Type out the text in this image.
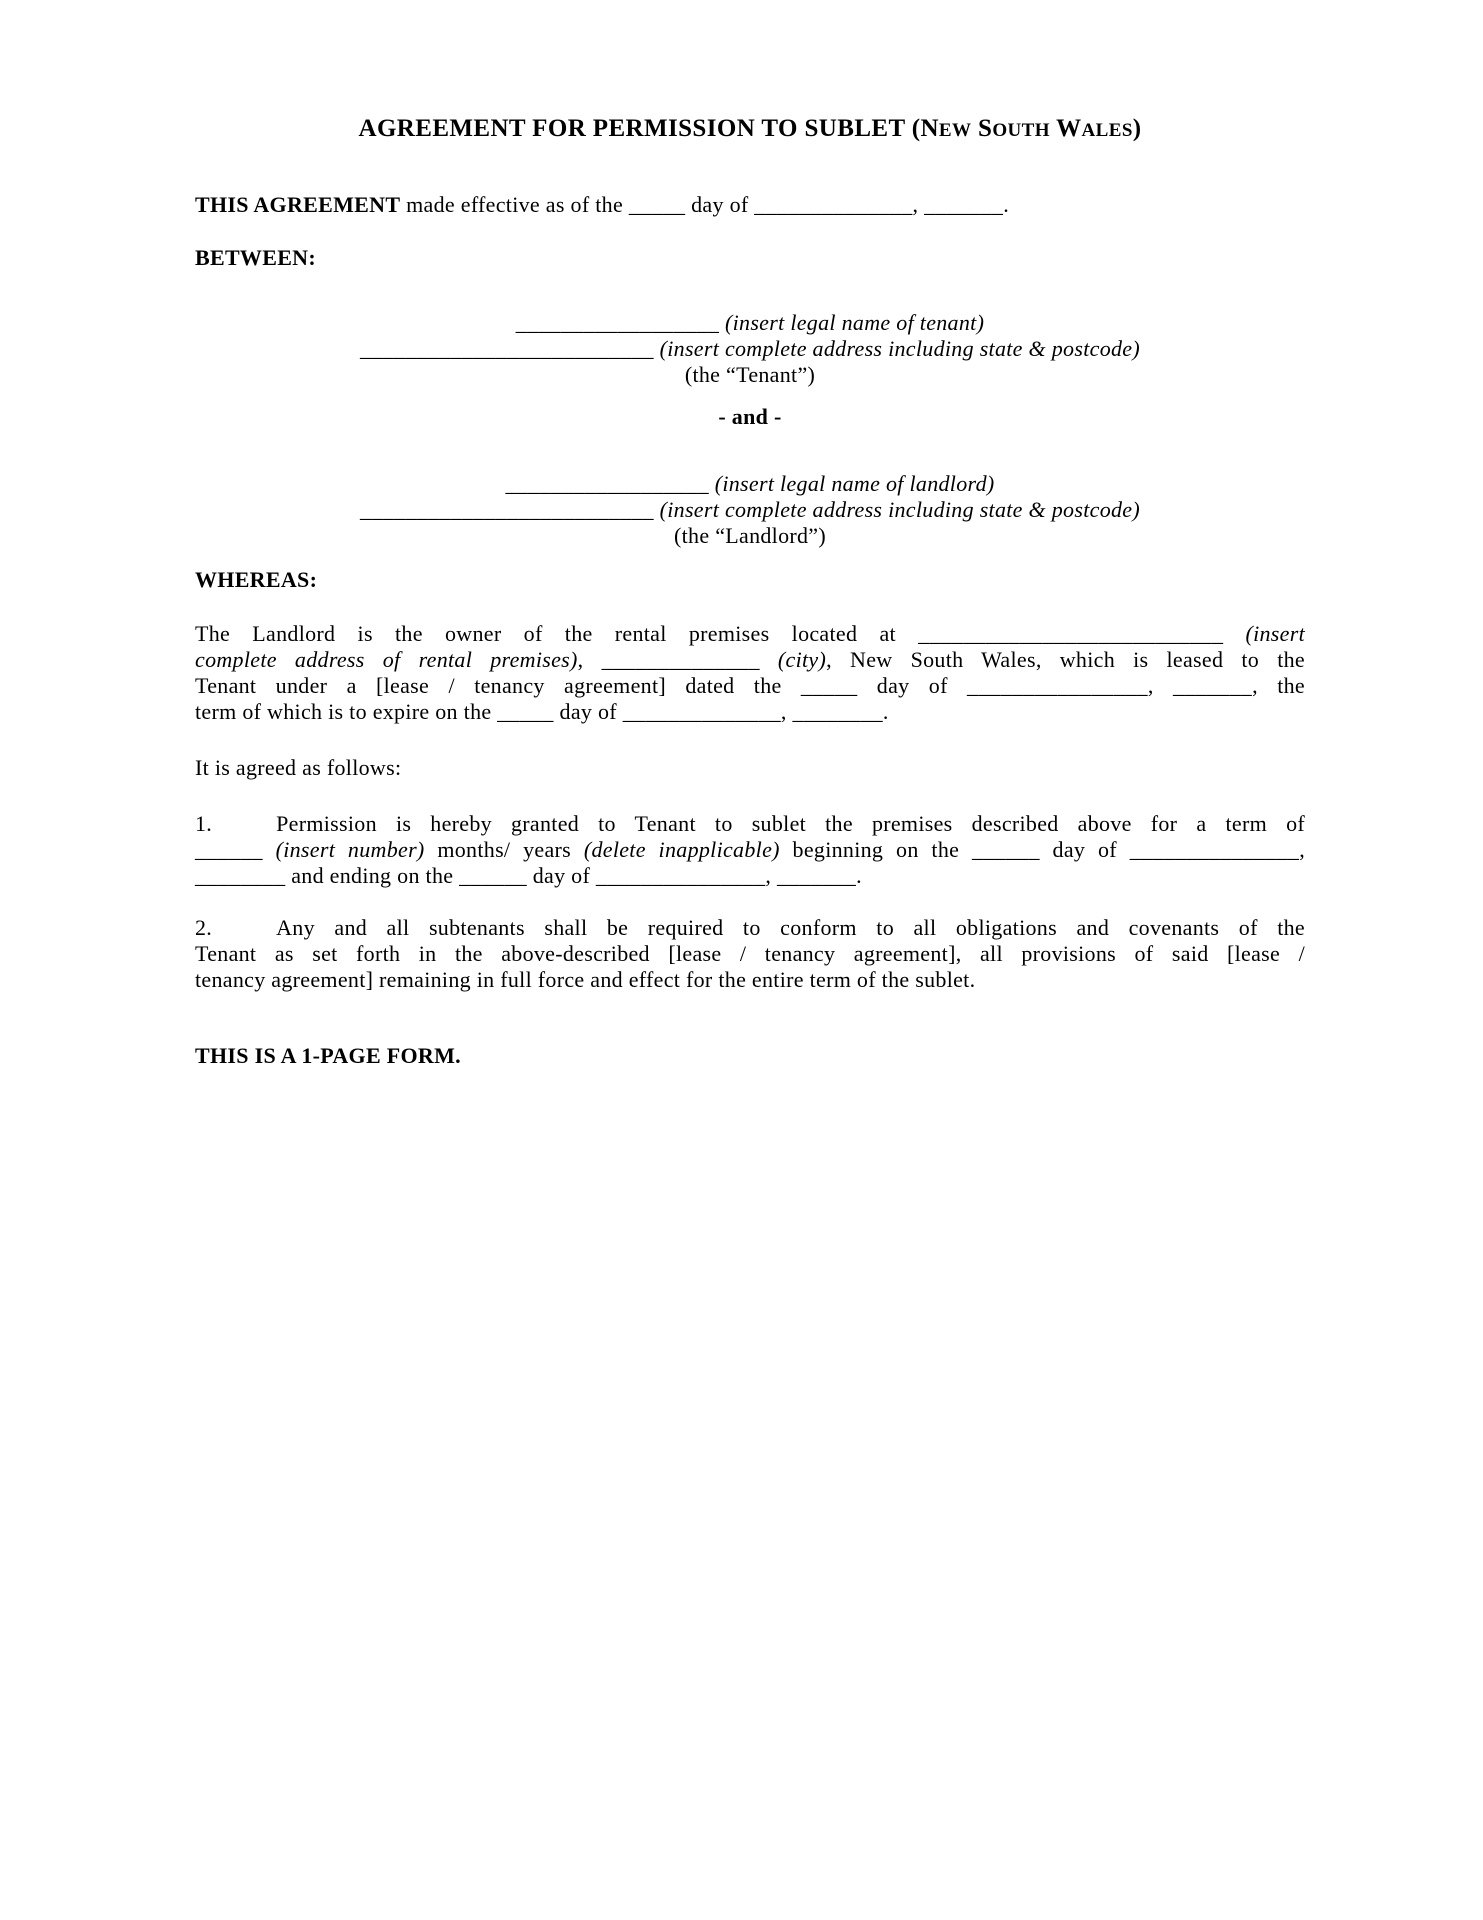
AGREEMENT FOR PERMISSION TO SUBLET (NEW SOUTH WALES)

THIS AGREEMENT made effective as of the _____ day of ______________, _______.

BETWEEN:

__________________ (insert legal name of tenant)

__________________________ (insert complete address including state & postcode)

(the “Tenant”)

- and -

__________________ (insert legal name of landlord)

__________________________ (insert complete address including state & postcode)

(the “Landlord”)

WHEREAS:

The Landlord is the owner of the rental premises located at ___________________________ (insert
complete address of rental premises), ______________ (city), New South Wales, which is leased to the
Tenant under a [lease / tenancy agreement] dated the _____ day of ________________, _______, the
term of which is to expire on the _____ day of ______________, ________.

It is agreed as follows:

1.	Permission is hereby granted to Tenant to sublet the premises described above for a term of
______ (insert number) months/ years (delete inapplicable) beginning on the ______ day of _______________,
________ and ending on the ______ day of _______________, _______.
2.	Any and all subtenants shall be required to conform to all obligations and covenants of the
Tenant as set forth in the above-described [lease / tenancy agreement], all provisions of said [lease /
tenancy agreement] remaining in full force and effect for the entire term of the sublet.

THIS IS A 1-PAGE FORM.
